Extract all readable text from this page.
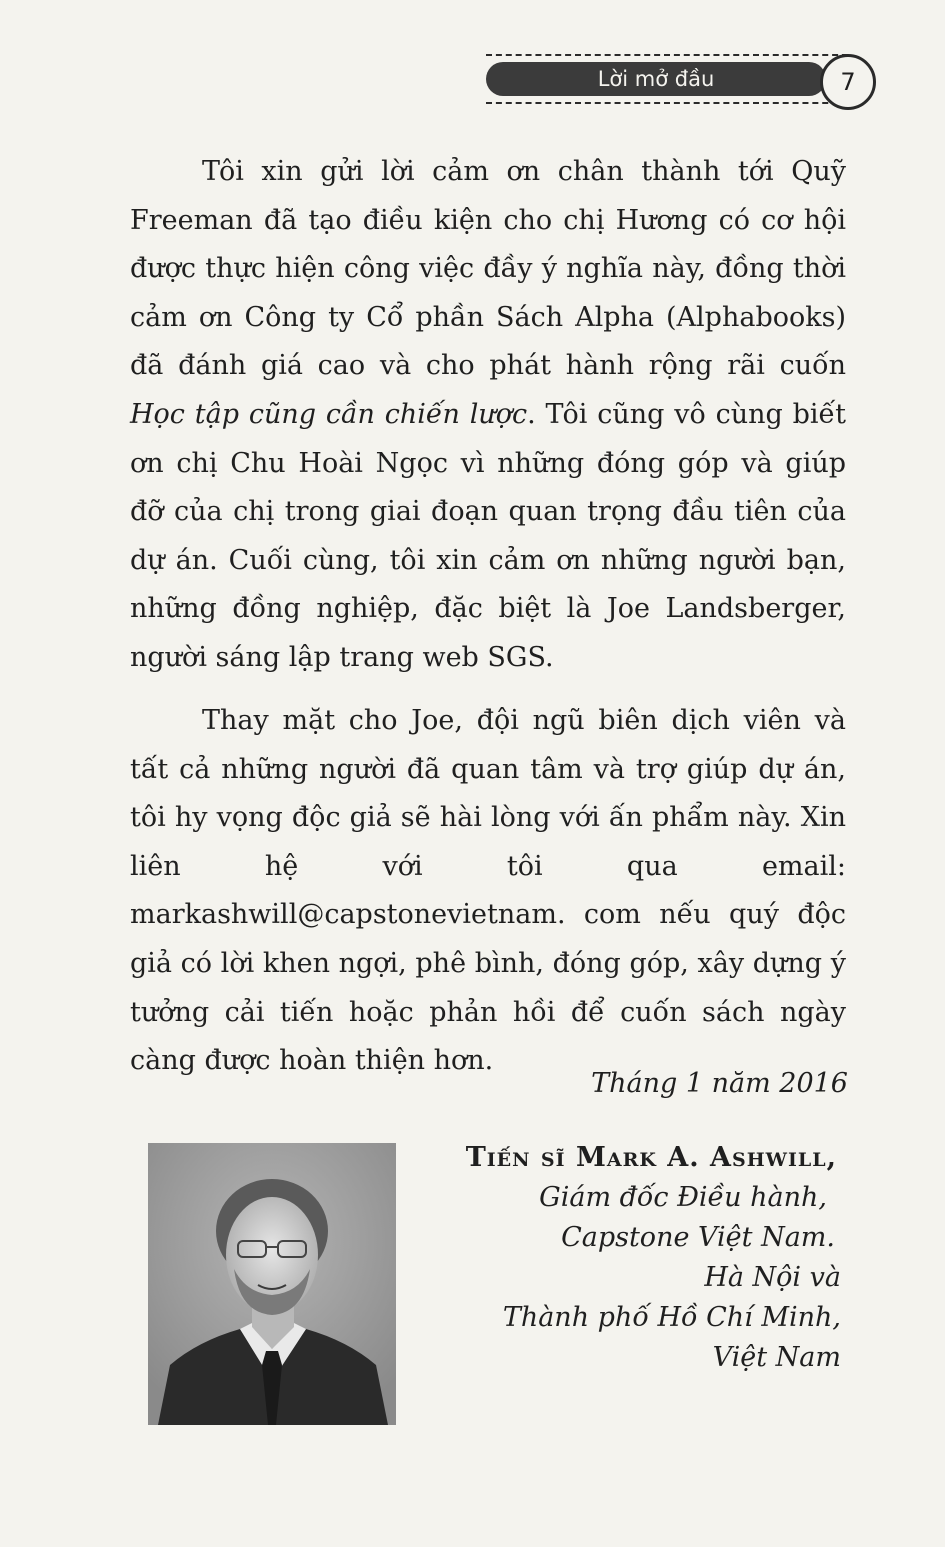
Lời mở đầu	7

Tôi xin gửi lời cảm ơn chân thành tới Quỹ Freeman đã tạo điều kiện cho chị Hương có cơ hội được thực hiện công việc đầy ý nghĩa này, đồng thời cảm ơn Công ty Cổ phần Sách Alpha (Alphabooks) đã đánh giá cao và cho phát hành rộng rãi cuốn Học tập cũng cần chiến lược. Tôi cũng vô cùng biết ơn chị Chu Hoài Ngọc vì những đóng góp và giúp đỡ của chị trong giai đoạn quan trọng đầu tiên của dự án. Cuối cùng, tôi xin cảm ơn những người bạn, những đồng nghiệp, đặc biệt là Joe Landsberger, người sáng lập trang web SGS.

Thay mặt cho Joe, đội ngũ biên dịch viên và tất cả những người đã quan tâm và trợ giúp dự án, tôi hy vọng độc giả sẽ hài lòng với ấn phẩm này. Xin liên hệ với tôi qua email: markashwill@capstonevietnam. com nếu quý độc giả có lời khen ngợi, phê bình, đóng góp, xây dựng ý tưởng cải tiến hoặc phản hồi để cuốn sách ngày càng được hoàn thiện hơn.

Tháng 1 năm 2016

Tiến sĩ Mark A. Ashwill,
Giám đốc Điều hành,
Capstone Việt Nam.
Hà Nội và
Thành phố Hồ Chí Minh,
Việt Nam
